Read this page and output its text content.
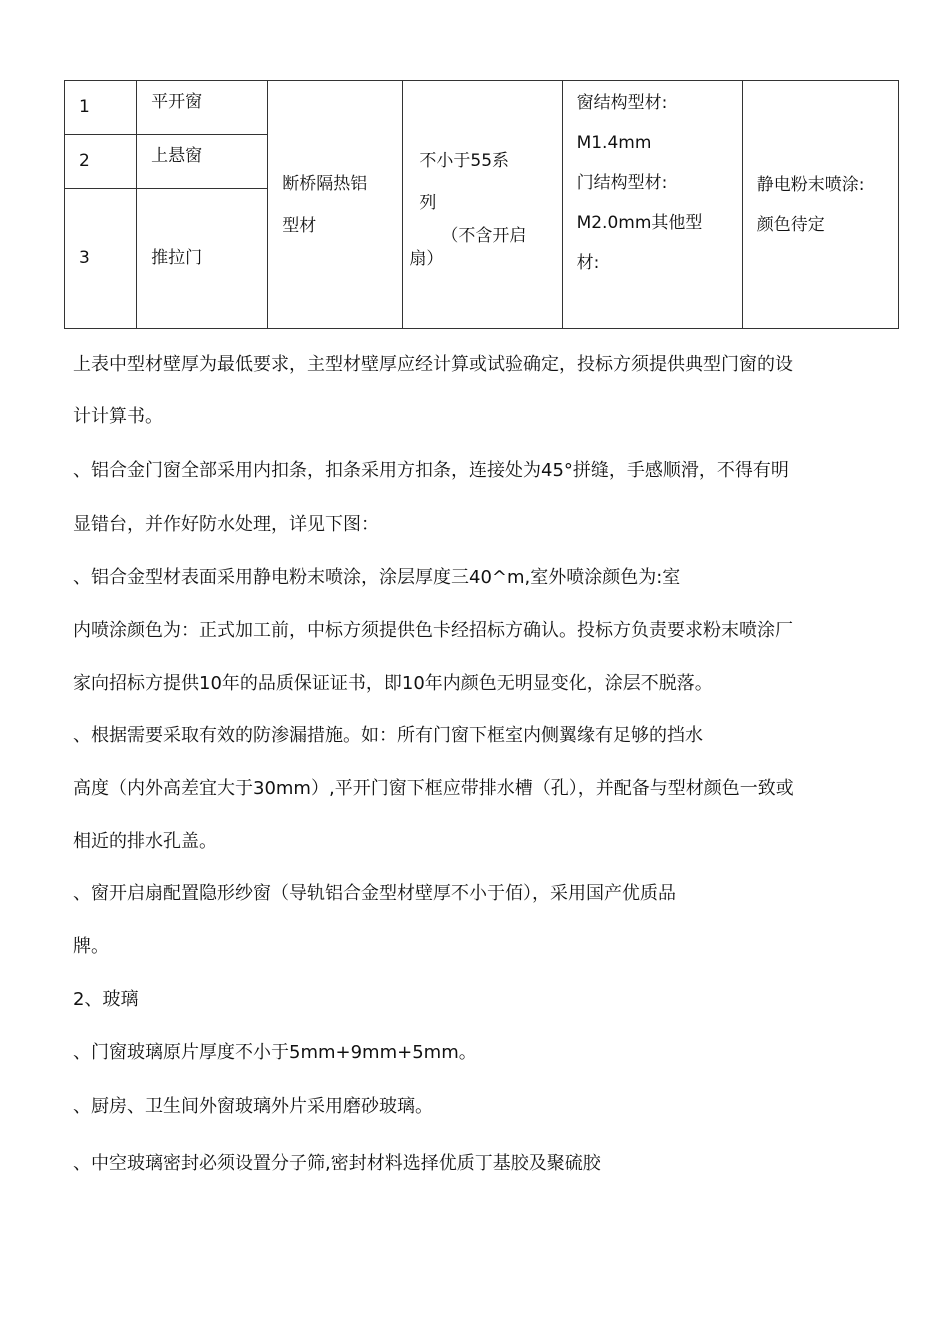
1	平开窗	断桥隔热铝
型材	不小于55系
列
（不含开启
扇）	窗结构型材:
M1.4mm
门结构型材:
M2.0mm其他型
材:	静电粉末喷涂:
颜色待定

2	上悬窗				
3	推拉门				
上表中型材壁厚为最低要求，主型材壁厚应经计算或试验确定，投标方须提供典型门窗的设
计计算书。
、铝合金门窗全部采用内扣条，扣条采用方扣条，连接处为45°拼缝，手感顺滑，不得有明
显错台，并作好防水处理，详见下图：
、铝合金型材表面采用静电粉末喷涂，涂层厚度三40^m,室外喷涂颜色为:室
内喷涂颜色为：正式加工前，中标方须提供色卡经招标方确认。投标方负责要求粉末喷涂厂
家向招标方提供10年的品质保证证书，即10年内颜色无明显变化，涂层不脱落。
、根据需要采取有效的防渗漏措施。如：所有门窗下框室内侧翼缘有足够的挡水
高度（内外高差宜大于30mm）,平开门窗下框应带排水槽（孔），并配备与型材颜色一致或
相近的排水孔盖。
、窗开启扇配置隐形纱窗（导轨铝合金型材壁厚不小于佰），采用国产优质品
牌。
2、玻璃
、门窗玻璃原片厚度不小于5mm+9mm+5mm。
、厨房、卫生间外窗玻璃外片采用磨砂玻璃。
、中空玻璃密封必须设置分子筛,密封材料选择优质丁基胶及聚硫胶
